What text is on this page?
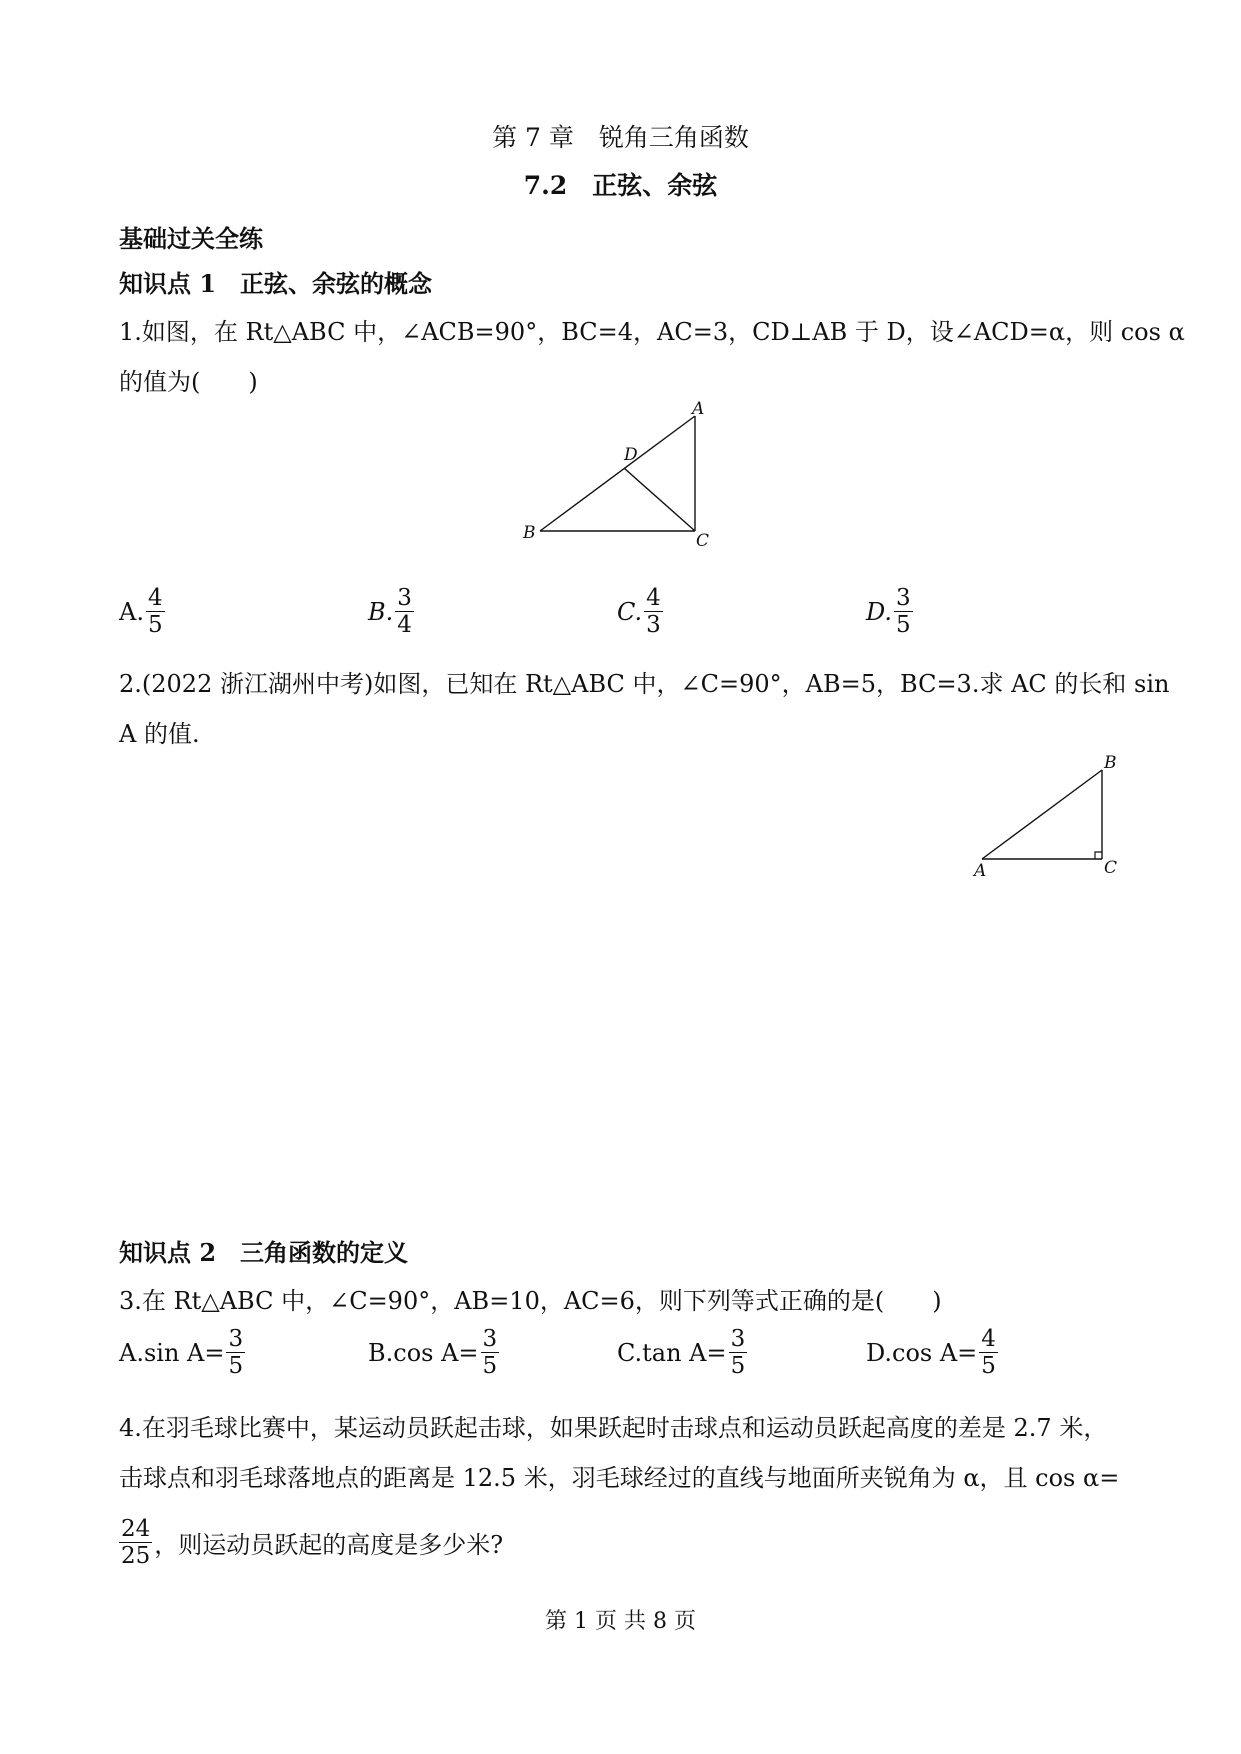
第 7 章　锐角三角函数
7.2　正弦、余弦
基础过关全练
知识点 1　正弦、余弦的概念
1.如图，在 Rt△ABC 中，∠ACB=90°，BC=4，AC=3，CD⊥AB 于 D，设∠ACD=α，则 cos α
的值为(　　)
A
B	C
D
A. $\frac{4}{5}$	B. $\frac{3}{4}$	C. $\frac{4}{3}$	D. $\frac{3}{5}$
2.(2022 浙江湖州中考)如图，已知在 Rt△ABC 中，∠C=90°，AB=5，BC=3.求 AC 的长和 sin
A 的值.
A
B
C
知识点 2　三角函数的定义
3.在 Rt△ABC 中，∠C=90°，AB=10，AC=6，则下列等式正确的是(　　)
A.sin $A= \frac{3}{5}$	B.cos $A= \frac{3}{5}$	C.tan $A= \frac{3}{5}$	D.cos $A= \frac{4}{5}$
4.在羽毛球比赛中，某运动员跃起击球，如果跃起时击球点和运动员跃起高度的差是 2.7 米，
击球点和羽毛球落地点的距离是 12.5 米，羽毛球经过的直线与地面所夹锐角为 α，且 cos α=
$\frac{24}{25}$ ，则运动员跃起的高度是多少米?
第 1 页 共 8 页
